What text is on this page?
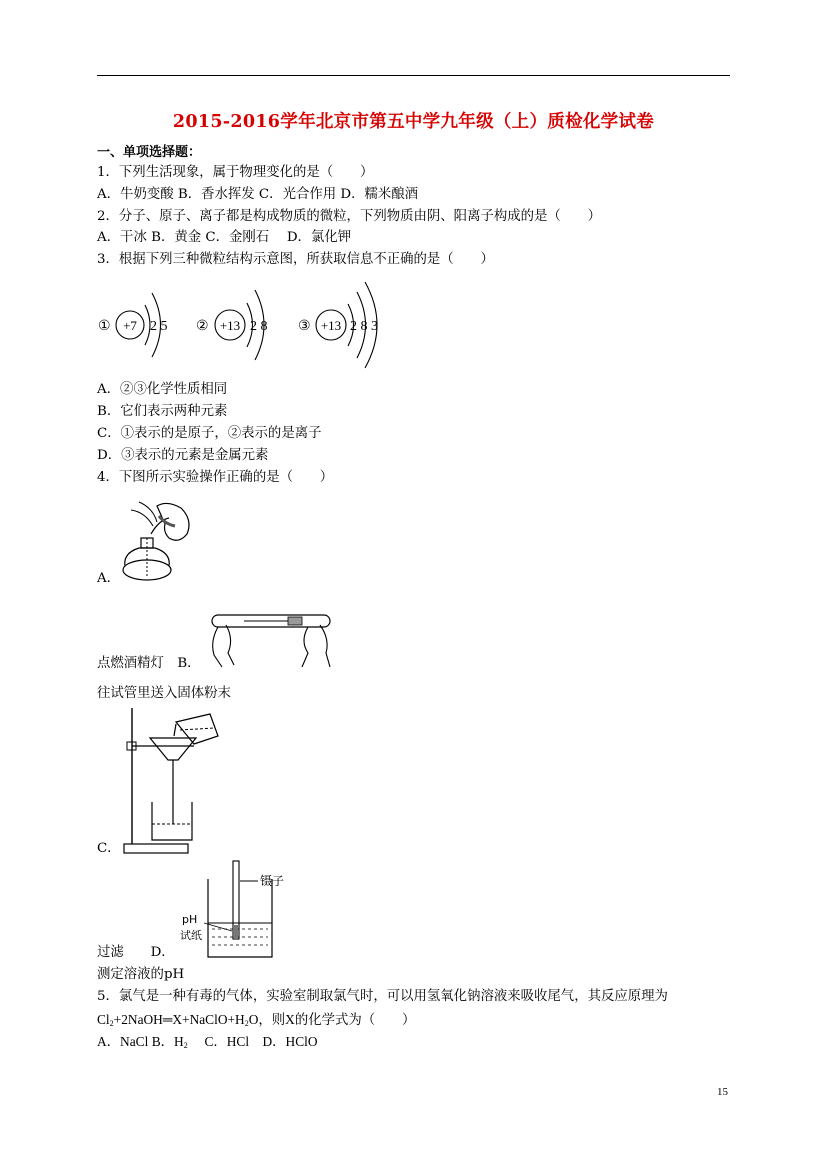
2015-2016学年北京市第五中学九年级（上）质检化学试卷
一、单项选择题：
1．下列生活现象，属于物理变化的是（　　）
A．牛奶变酸 B．香水挥发 C．光合作用 D．糯米酿酒
2．分子、原子、离子都是构成物质的微粒，下列物质由阴、阳离子构成的是（　　）
A．干冰 B．黄金 C．金刚石　 D．氯化钾
3．根据下列三种微粒结构示意图，所获取信息不正确的是（　　）
① +7 2 5 ② +13 2 8 ③ +13 2 8 3
A．②③化学性质相同
B．它们表示两种元素
C．①表示的是原子，②表示的是离子
D．③表示的元素是金属元素
4．下图所示实验操作正确的是（　　）
A．
点燃酒精灯　 B．
往试管里送入固体粉末
C．
镊子
pH
试纸
过滤　　 D．
测定溶液的pH
5．氯气是一种有毒的气体，实验室制取氯气时，可以用氢氧化钠溶液来吸收尾气，其反应原理为
$Cl_2+2NaOH═X+NaClO+H_2O$，则X的化学式为（　　）
A．NaCl B．$H_2$　 C．HCl　 D．HClO
15
